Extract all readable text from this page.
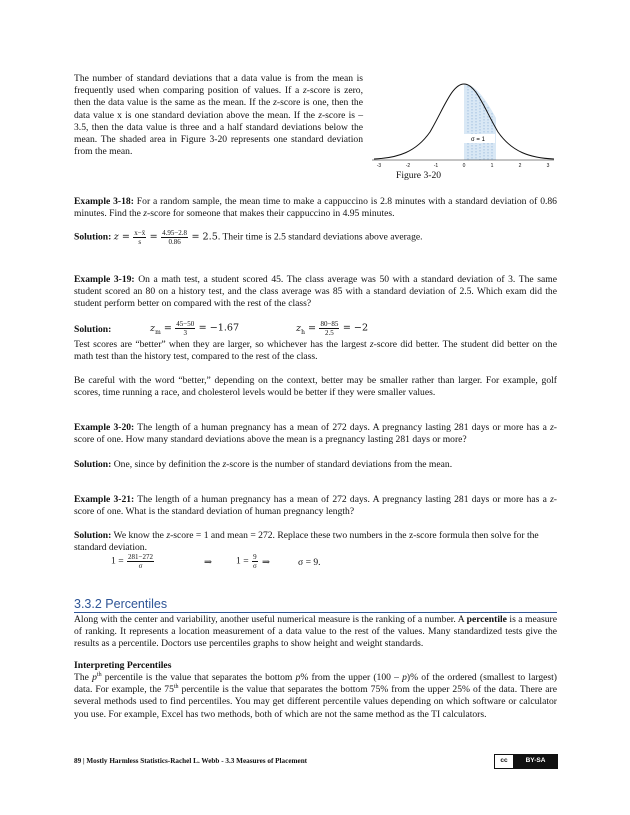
The number of standard deviations that a data value is from the mean is frequently used when comparing position of values. If a z-score is zero, then the data value is the same as the mean. If the z-score is one, then the data value x is one standard deviation above the mean. If the z-score is –3.5, then the data value is three and a half standard deviations below the mean. The shaded area in Figure 3-20 represents one standard deviation from the mean.
σ = 1
-3	-2	-1	0	1	2	3
Figure 3-20
Example 3-18: For a random sample, the mean time to make a cappuccino is 2.8 minutes with a standard deviation of 0.86 minutes. Find the z-score for someone that makes their cappuccino in 4.95 minutes.
Solution: $z = \frac{x-x̄}{s} = \frac{4.95-2.8}{0.86} = 2.5$. Their time is 2.5 standard deviations above average.
Example 3-19: On a math test, a student scored 45. The class average was 50 with a standard deviation of 3. The same student scored an 80 on a history test, and the class average was 85 with a standard deviation of 2.5. Which exam did the student perform better on compared with the rest of the class?
Solution:	$z_m = \frac{45-50}{3} = -1.67$	$z_h = \frac{80-85}{2.5} = -2$
Test scores are “better” when they are larger, so whichever has the largest z-score did better. The student did better on the math test than the history test, compared to the rest of the class.
Be careful with the word “better,” depending on the context, better may be smaller rather than larger. For example, golf scores, time running a race, and cholesterol levels would be better if they were smaller values.
Example 3-20: The length of a human pregnancy has a mean of 272 days. A pregnancy lasting 281 days or more has a z-score of one. How many standard deviations above the mean is a pregnancy lasting 281 days or more?
Solution: One, since by definition the z-score is the number of standard deviations from the mean.
Example 3-21: The length of a human pregnancy has a mean of 272 days. A pregnancy lasting 281 days or more has a z-score of one. What is the standard deviation of human pregnancy length?
Solution: We know the z-score = 1 and mean = 272. Replace these two numbers in the z-score formula then solve for the standard deviation.
$1 = \frac{281-272}{\sigma}$	⇒ $1 = \frac{9}{\sigma}$ ⇒	σ = 9.
3.3.2 Percentiles
Along with the center and variability, another useful numerical measure is the ranking of a number. A percentile is a measure of ranking. It represents a location measurement of a data value to the rest of the values. Many standardized tests give the results as a percentile. Doctors use percentiles graphs to show height and weight standards.
Interpreting Percentiles
The $p^{th}$ percentile is the value that separates the bottom p% from the upper (100 – p)% of the ordered (smallest to largest) data. For example, the 75th percentile is the value that separates the bottom 75% from the upper 25% of the data. There are several methods used to find percentiles. You may get different percentile values depending on which software or calculator you use. For example, Excel has two methods, both of which are not the same method as the TI calculators.
89 | Mostly Harmless Statistics-Rachel L. Webb - 3.3 Measures of Placement	cc	BY-SA
